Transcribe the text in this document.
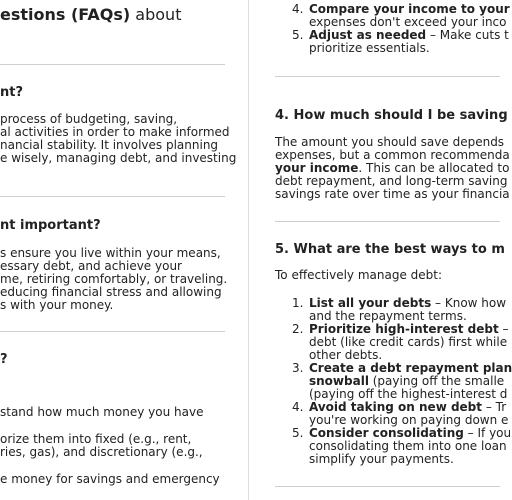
estions (FAQs) about
nt?
process of budgeting, saving,
al activities in order to make informed
nancial stability. It involves planning
e wisely, managing debt, and investing
nt important?
s ensure you live within your means,
essary debt, and achieve your
me, retiring comfortably, or traveling.
educing financial stress and allowing
s with your money.
?
stand how much money you have
orize them into fixed (e.g., rent,
ries, gas), and discretionary (e.g.,
e money for savings and emergency
4. Compare your income to your
expenses don't exceed your inco
5. Adjust as needed – Make cuts t
prioritize essentials.
4. How much should I be saving
The amount you should save depends
expenses, but a common recommenda
your income. This can be allocated to
debt repayment, and long-term saving
savings rate over time as your financia
5. What are the best ways to m
To effectively manage debt:
1. List all your debts – Know how
and the repayment terms.
2. Prioritize high-interest debt –
debt (like credit cards) first while
other debts.
3. Create a debt repayment plan
snowball (paying off the smalle
(paying off the highest-interest d
4. Avoid taking on new debt – Tr
you're working on paying down e
5. Consider consolidating – If you
consolidating them into one loan
simplify your payments.
